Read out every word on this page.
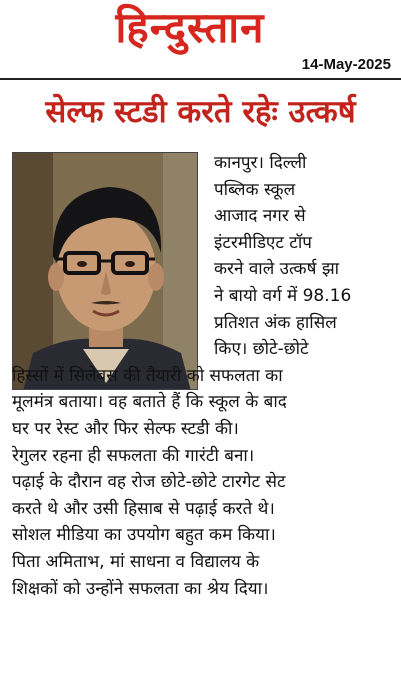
हिन्दुस्तान
14-May-2025
सेल्फ स्टडी करते रहेः उत्कर्ष
कानपुर। दिल्ली
पब्लिक स्कूल
आजाद नगर से
इंटरमीडिएट टॉप
करने वाले उत्कर्ष झा
ने बायो वर्ग में 98.16
प्रतिशत अंक हासिल
किए। छोटे-छोटे
हिस्सों में सिलेबस की तैयारी को सफलता का
मूलमंत्र बताया। वह बताते हैं कि स्कूल के बाद
घर पर रेस्ट और फिर सेल्फ स्टडी की।
रेगुलर रहना ही सफलता की गारंटी बना।
पढ़ाई के दौरान वह रोज छोटे-छोटे टारगेट सेट
करते थे और उसी हिसाब से पढ़ाई करते थे।
सोशल मीडिया का उपयोग बहुत कम किया।
पिता अमिताभ, मां साधना व विद्यालय के
शिक्षकों को उन्होंने सफलता का श्रेय दिया।
